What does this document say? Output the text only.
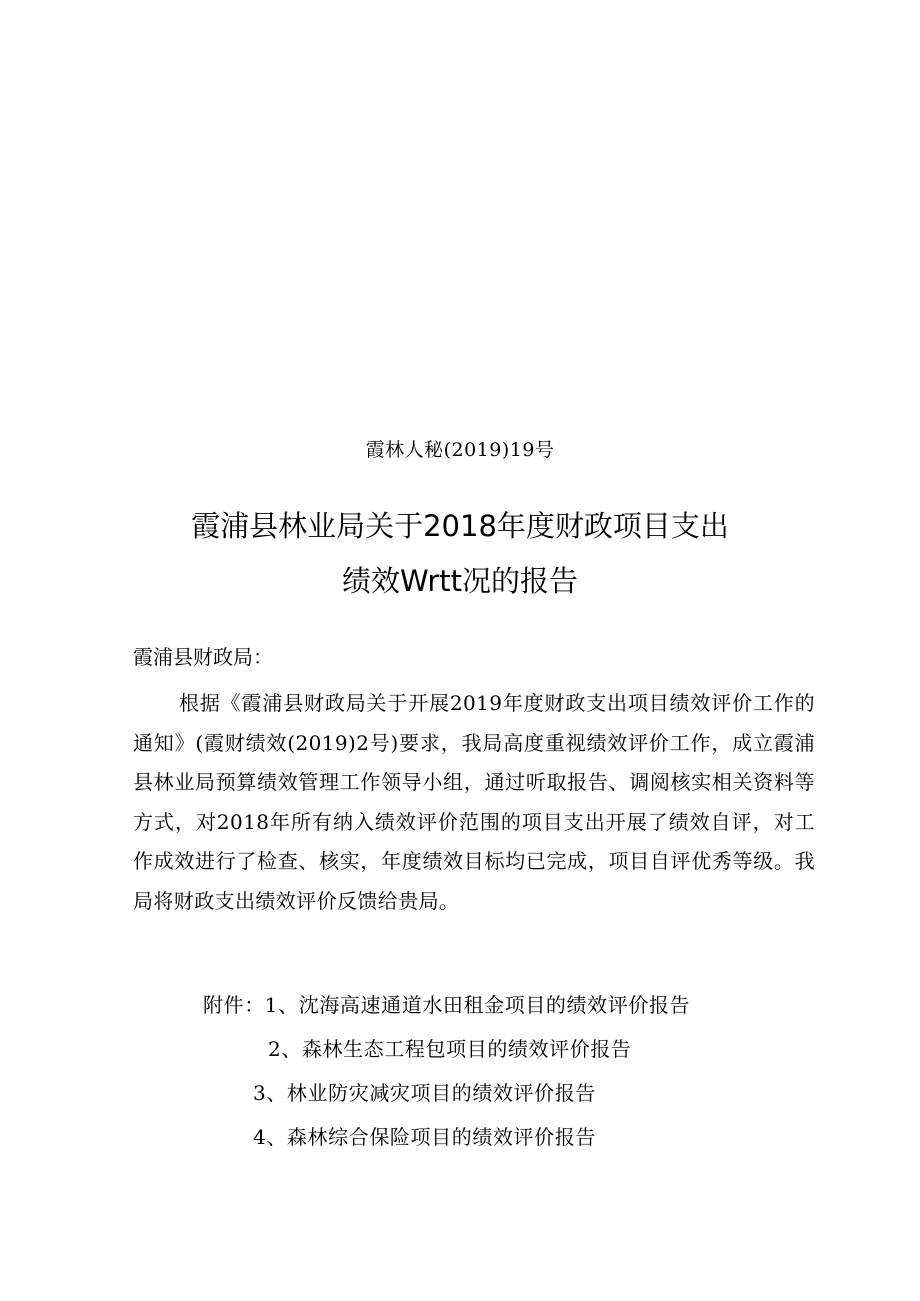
霞林人秘(2019)19号
霞浦县林业局关于2018年度财政项目支出
绩效Wrtt况的报告
霞浦县财政局：

根据《霞浦县财政局关于开展2019年度财政支出项目绩效评价工作的通知》(霞财绩效(2019)2号)要求，我局高度重视绩效评价工作，成立霞浦县林业局预算绩效管理工作领导小组，通过听取报告、调阅核实相关资料等方式，对2018年所有纳入绩效评价范围的项目支出开展了绩效自评，对工作成效进行了检查、核实，年度绩效目标均已完成，项目自评优秀等级。我局将财政支出绩效评价反馈给贵局。

附件：1、沈海高速通道水田租金项目的绩效评价报告
2、森林生态工程包项目的绩效评价报告
3、林业防灾减灾项目的绩效评价报告
4、森林综合保险项目的绩效评价报告
